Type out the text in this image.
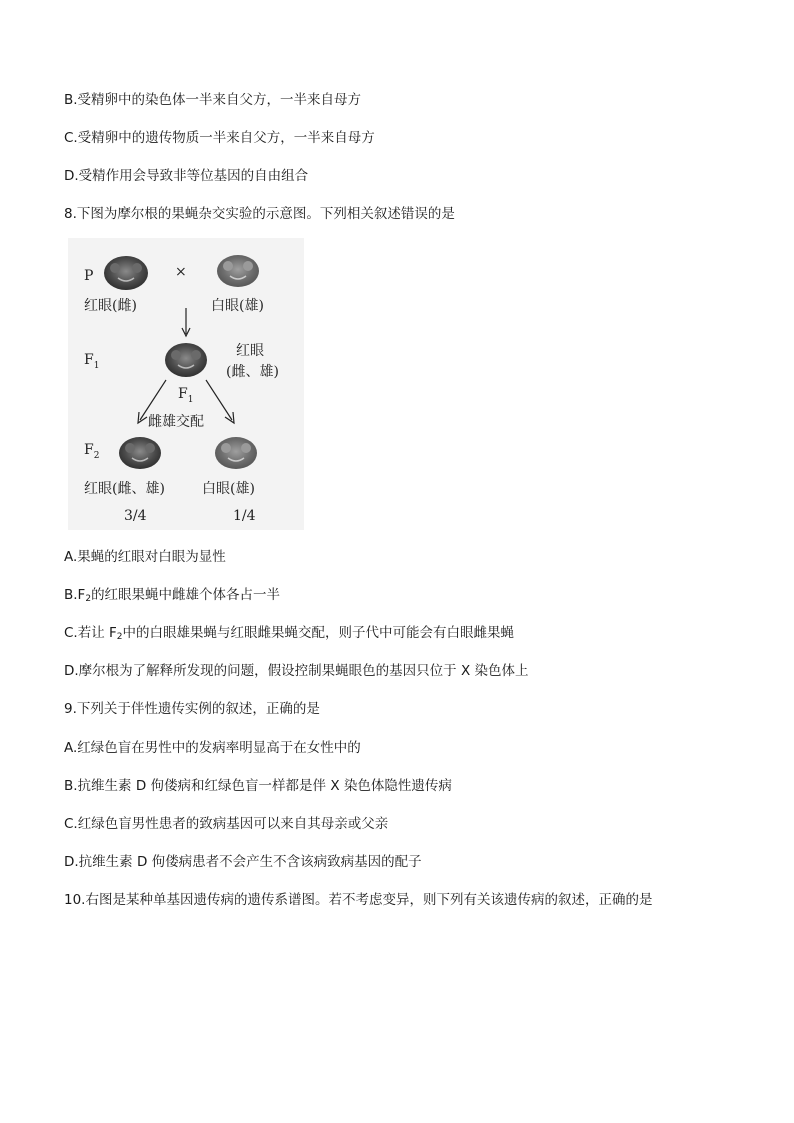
B.受精卵中的染色体一半来自父方，一半来自母方
C.受精卵中的遗传物质一半来自父方，一半来自母方
D.受精作用会导致非等位基因的自由组合
8.下图为摩尔根的果蝇杂交实验的示意图。下列相关叙述错误的是
P	×
红眼(雌)	白眼(雄)
$F_1$
红眼
(雌、雄)
$F_1$
雌雄交配
$F_2$
红眼(雌、雄)	白眼(雄)
3/4	1/4
A.果蝇的红眼对白眼为显性
$B.F_2$的红眼果蝇中雌雄个体各占一半
C.若让 $F_2$中的白眼雄果蝇与红眼雌果蝇交配，则子代中可能会有白眼雌果蝇
D.摩尔根为了解释所发现的问题，假设控制果蝇眼色的基因只位于 X 染色体上
9.下列关于伴性遗传实例的叙述，正确的是
A.红绿色盲在男性中的发病率明显高于在女性中的
B.抗维生素 D 佝偻病和红绿色盲一样都是伴 X 染色体隐性遗传病
C.红绿色盲男性患者的致病基因可以来自其母亲或父亲
D.抗维生素 D 佝偻病患者不会产生不含该病致病基因的配子
10.右图是某种单基因遗传病的遗传系谱图。若不考虑变异，则下列有关该遗传病的叙述，正确的是
